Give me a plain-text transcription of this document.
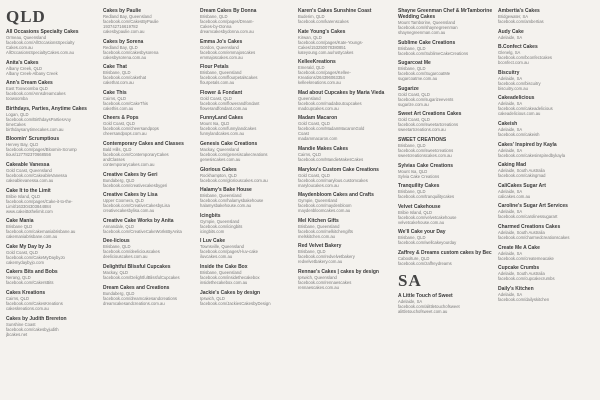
QLD
All Occasions Specialty Cakes
Ormeau, Queensland
facebook.com/AllOccasionsSpecialty
Cakes.com.au
AllOccasionsSpecialtyCakes.com.au
Anita's Cakes
Albany Creek, QLD
Albany Creek-Albany Creek
Ann's Dream Cakes
East Toowoomba QLD
facebook.com/Annsdreamcakes
toowoomba
Birthdays, Parties, Anytime Cakes
Logan, QLD
facebook.com/BirthdaysPartiesAny
timeCakes
birthdaysanytimecakes.com.au
Bloomin' Scrumptious
Hervey Bay, QLD
facebook.com/pages/Bloomin-Scrump
tious/127782370668556
Cakeable Vanessa
Gold Coast, Queensland
facebook.com/CakeableVanessa
cakeablevanessa.com.au
Cake It to the Limit
Bribie Island, QLD
facebook.com/pages/Cake-it-to-the-
Limit/163304303844884
www.cakeittothelimit.com
Cake Mania
Brisbane QLD
facebook.com/cakemaniabrisbane.au
cakemaniabrisbane.com.au
Cake My Day by Jo
Gold Coast, QLD
facebook.com/CakeMyDaybyJo
cakemydaybyjo.com
Cakers Bits and Bobs
Nerang, QLD
facebook.com/CakersBits
Cakes Kreations
Cairns, QLD
facebook.com/CakesKreations
cakeskreations.com.au
Cakes by Judith Brereton
Sunshine Coast
facebook.com/cakesbyjudith
jbcakes.net
Cakes by Paulie
Redland Bay, Queensland
facebook.com/CakesByPaulie
193742716619782
cakesbypaulie.com.au
Cakes by Sorena
Redland Bay, QLD
facebook.com/cakesbysorena
cakesbysorena.com.au
Cake That
Brisbane, QLD
facebook.com/cakethat
cakethat.com.au
Cake This
Cairns, QLD
facebook.com/CakeThis
cakethis.com.au
Cheers & Pops
Gold Coast, QLD
facebook.com/cheersandpops
cheersandpops.com.au
Contemporary Cakes and Classes
Bald Hills, QLD
facebook.com/ContemporaryCakes
andClasses
contemporarycakes.com.au
Creative Cakes by Geri
Bundaberg, QLD
facebook.com/creativecakesbygeri
Creative Cakes by Lisa
Upper Coomera, QLD
facebook.com/CreativeCakesbyLisa
creativecakesbylisa.com.au
Creative Cake Works by Anita
Annandale, QLD
facebook.com/CreativeCakeWorksByAnita
Dee-licious
Brisbane, QLD
facebook.com/deeliciouscakes
deeliciouscakes.com.au
Delightful Blissful Cupcakes
Mackay, QLD
facebook.com/DelightfulBlissfulCupcakes
Dream Cakes and Creations
Bundaberg, QLD
facebook.com/dreamcakesandcreations
dreamcakesandcreations.com.au
Dream Cakes By Donna
Brisbane, QLD
facebook.com/pages/Dream-
Cakes-by-Donna
dreamcakesbydonna.com.au
Emma Jo's Cakes
Gordon, Queensland
facebook.com/emmajoscakes
emmajoscakes.com.au
Flour Petals
Brisbane, Queensland
facebook.com/flourpetalscakes
flourpetals.com.au
Flower & Fondant
Gold Coast, QLD
facebook.com/flowerandfondant
flowerandfondant.com.au
FunnyLand Cakes
Mount Isa, QLD
facebook.com/funnylandcakes
funnylandcakes.com.au
Genesis Cake Creations
Mackay, Queensland
facebook.com/genesiscakecreations
genesiscakes.com.au
Glorious Cakes
Rockhampton, QLD
facebook.com/gloriouscakes.com.au
Halamy's Bake House
Brisbane, Queensland
facebook.com/halamysbakehouse
halamysbakehouse.com.au
Icingbits
Gympie, Queensland
facebook.com/icingbits
icingbits.com
I Luv Cake
Townsville, Queensland
facebook.com/pages/I-luv-cake
iluvcakes.com.au
Inside the Cake Box
Brisbane, Queensland
facebook.com/insidethecakebox
insidethecakebox.com.au
Jackie's Cakes by design
Ipswich, QLD
facebook.com/JackiesCakesbyDesign
Karen's Cakes Sunshine Coast
Buderim, QLD
facebook.com/karenscakes
Kate Young's Cakes
Kirwan, QLD
facebook.com/pages/Kate-Youngs-
Cakes/153250078380851
kateyoung.com.au/rustycakes
KelleeKreations
Emerald, QLD
facebook.com/pages/Kellee-
Kreations/264396063354
kelleekreations.com.au
Mad about Cupcakes by Maria Vieda
Queensland
facebook.com/madaboutcupcakes
madcupcakes.com.au
Madam Macaron
Gold Coast, QLD
facebook.com/MadamMacaronGold
Coast
madammacaron.com
Mandie Makes Cakes
Cairns, QLD
facebook.com/MandieMakesCakes
Marylou's Custom Cake Creations
Gold Coast, QLD
facebook.com/marylous.customcakes
maryloucakes.com.au
Maydenbloom Cakes and Crafts
Gympie, Queensland
facebook.com/maydenbloom
maydenbloomcakes.com.au
Mel Kitchen Gifts
Brisbane, Queensland
facebook.com/melkitchengifts
melskitchen.com.au
Red Velvet Bakery
Brisbane, QLD
facebook.com/redvelvetbakery
redvelvetbakery.com.au
Rennae's Cakes | cakes by design
Ipswich, Queensland
facebook.com/rennaescakes
rennaescakes.com.au
Shayne Greenman Chef & MrTamborine Wedding Cakes
Mount Tamborine, Queensland
facebook.com/shaynegreenman
shaynegreenman.com.au
Sublime Cake Creations
Brisbane, QLD
facebook.com/SublimeCakeCreations
Sugarcoat Me
Brisbane, QLD
facebook.com/SugarcoatMe
sugarcoatme.com.au
Sugarize
Gold Coast, QLD
facebook.com/sugarizeevents
sugarize.com.au
Sweet Art Creations Cakes
Gold Coast, QLD
facebook.com/sweetartcreations
sweetartcreations.com.au
SWEET CREATIONS
Brisbane, QLD
facebook.com/sweetcreations
sweetcreationscakes.com.au
Sylvias Cake Creations
Mount Isa, QLD
Sylvia Cake Creations
Tranquility Cakes
Brisbane, QLD
facebook.com/tranquilitycakes
Velvet Cakehouse
Bribie Island, QLD
facebook.com/velvetcakehouse
velvetcakehouse.com.au
We'll Cake your Day
Brisbane, QLD
facebook.com/wellcakeyourday
Zaffrey & Dreams custom cakes by Bec
Caboolture, QLD
facebook.com/zaffreydreams
SA
A Little Touch of Sweet
Adelaide, SA
facebook.com/alittletouchofsweet
alittletouchofsweet.com.au
Ambertia's Cakes
Bridgewater, SA
facebook.com/ambertias
Audy Cake
Adelaide, SA
B.Confect Cakes
Glenelg, SA
facebook.com/bconfectcakes
bconfect.com.au
Biscuitry
Adelaide, SA
facebook.com/biscuitry
biscuitry.com.au
Cakeadelicious
Adelaide, SA
facebook.com/cakeadelicious
cakeadelicious.com.au
Cakeish
Adelaide, SA
facebook.com/cakeish
Cakes' Inspired by Kayla
Adelaide, SA
facebook.com/cakesinspiredbykayla
Caking Mad
Adelaide, South Australia
facebook.com/cakingmad
CaliCakes Sugar Art
Adelaide, SA
calicakes.com.au
Caroline's Sugar Art Services
Adelaide, SA
facebook.com/carolinessugarart
Charmed Creations Cakes
Adelaide, South Australia
facebook.com/charmedcreationscakes
Create Me A Cake
Adelaide, SA
facebook.com/createmeacake
Cupcake Crumbs
Adelaide, South Australia
facebook.com/cupcakecrumbs
Daily's Kitchen
Adelaide, SA
facebook.com/dailyskitchen
